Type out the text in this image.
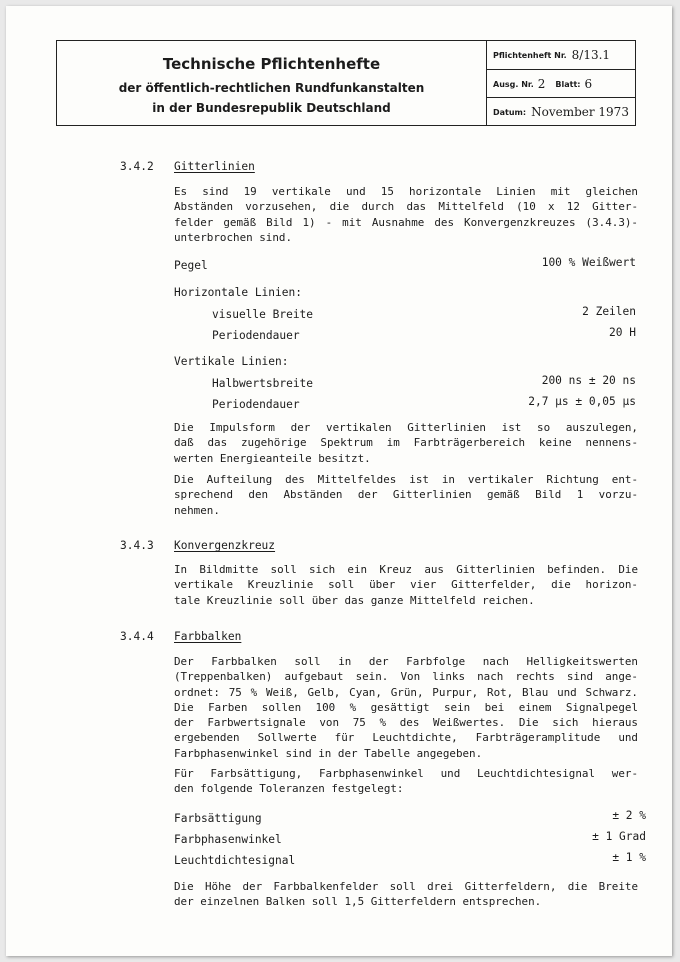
Technische Pflichtenhefte
der öffentlich-rechtlichen Rundfunkanstalten
in der Bundesrepublik Deutschland
Pflichtenheft Nr. 8/13.1
Ausg. Nr. 2 Blatt: 6
Datum: November 1973
3.4.2 Gitterlinien
Es sind 19 vertikale und 15 horizontale Linien mit gleichen
Abständen vorzusehen, die durch das Mittelfeld (10 x 12 Gitter-
felder gemäß Bild 1) - mit Ausnahme des Konvergenzkreuzes (3.4.3)-
unterbrochen sind.
Pegel	100 % Weißwert
Horizontale Linien:
visuelle Breite	2 Zeilen
Periodendauer	20 H
Vertikale Linien:
Halbwertsbreite	200 ns ± 20 ns
Periodendauer	2,7 µs ± 0,05 µs
Die Impulsform der vertikalen Gitterlinien ist so auszulegen,
daß das zugehörige Spektrum im Farbträgerbereich keine nennens-
werten Energieanteile besitzt.
Die Aufteilung des Mittelfeldes ist in vertikaler Richtung ent-
sprechend den Abständen der Gitterlinien gemäß Bild 1 vorzu-
nehmen.
3.4.3 Konvergenzkreuz
In Bildmitte soll sich ein Kreuz aus Gitterlinien befinden. Die
vertikale Kreuzlinie soll über vier Gitterfelder, die horizon-
tale Kreuzlinie soll über das ganze Mittelfeld reichen.
3.4.4 Farbbalken
Der Farbbalken soll in der Farbfolge nach Helligkeitswerten
(Treppenbalken) aufgebaut sein. Von links nach rechts sind ange-
ordnet: 75 % Weiß, Gelb, Cyan, Grün, Purpur, Rot, Blau und Schwarz.
Die Farben sollen 100 % gesättigt sein bei einem Signalpegel
der Farbwertsignale von 75 % des Weißwertes. Die sich hieraus
ergebenden Sollwerte für Leuchtdichte, Farbträgeramplitude und
Farbphasenwinkel sind in der Tabelle angegeben.
Für Farbsättigung, Farbphasenwinkel und Leuchtdichtesignal wer-
den folgende Toleranzen festgelegt:
Farbsättigung	± 2 %
Farbphasenwinkel	± 1 Grad
Leuchtdichtesignal	± 1 %
Die Höhe der Farbbalkenfelder soll drei Gitterfeldern, die Breite
der einzelnen Balken soll 1,5 Gitterfeldern entsprechen.
